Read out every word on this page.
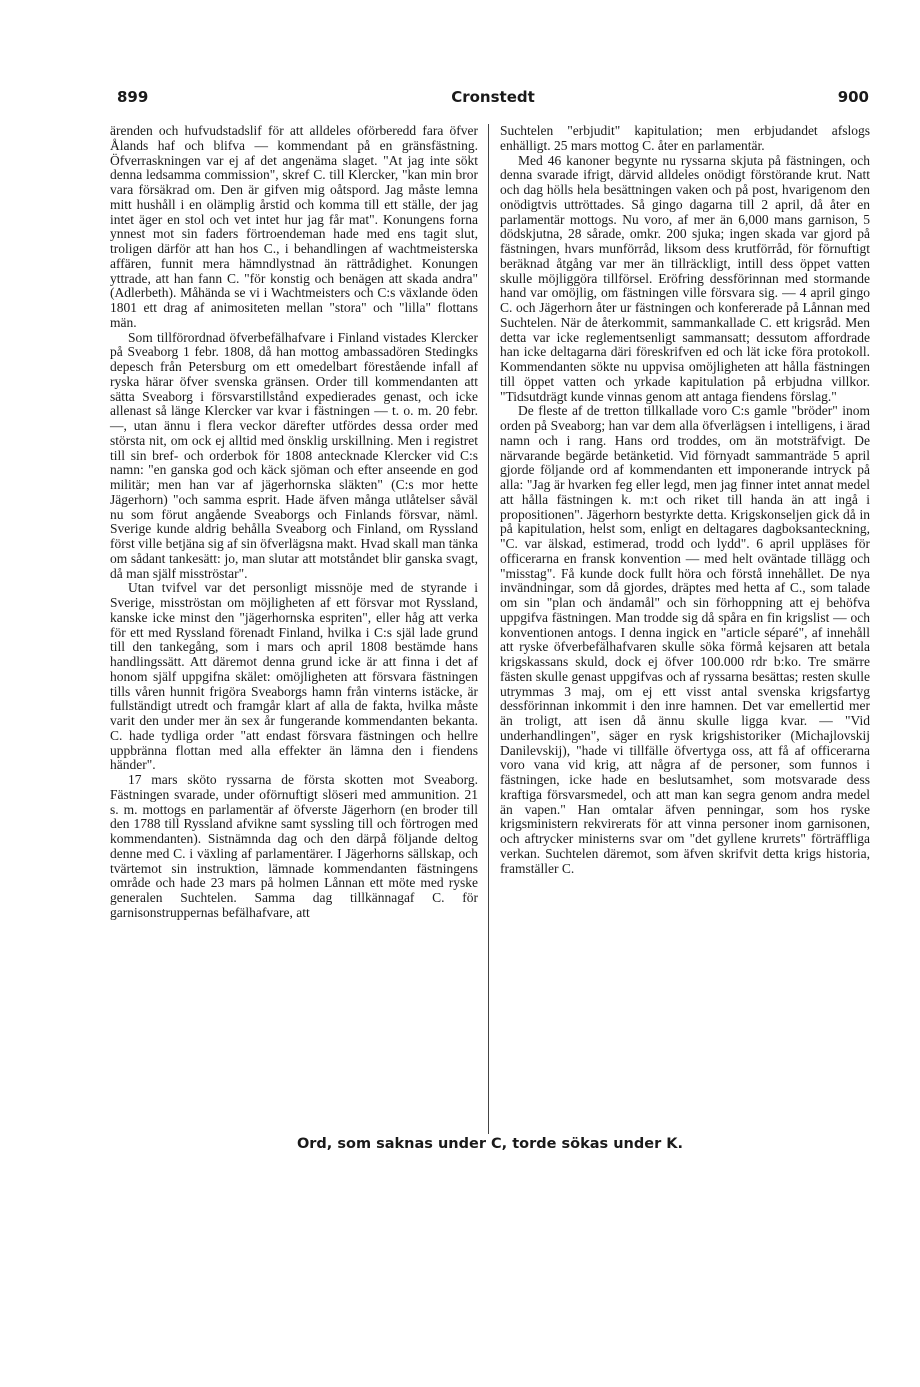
899	Cronstedt	900

ärenden och hufvudstadslif för att alldeles oförberedd fara öfver Ålands haf och blifva — kommendant på en gränsfästning. Öfverraskningen var ej af det angenäma slaget. "At jag inte sökt denna ledsamma commission", skref C. till Klercker, "kan min bror vara försäkrad om. Den är gifven mig oåtspord. Jag måste lemna mitt hushåll i en olämplig årstid och komma till ett ställe, der jag intet äger en stol och vet intet hur jag får mat". Konungens forna ynnest mot sin faders förtroendeman hade med ens tagit slut, troligen därför att han hos C., i behandlingen af wachtmeisterska affären, funnit mera hämndlystnad än rättrådighet. Konungen yttrade, att han fann C. "för konstig och benägen att skada andra" (Adlerbeth). Måhända se vi i Wachtmeisters och C:s växlande öden 1801 ett drag af animositeten mellan "stora" och "lilla" flottans män.

Som tillförordnad öfverbefälhafvare i Finland vistades Klercker på Sveaborg 1 febr. 1808, då han mottog ambassadören Stedingks depesch från Petersburg om ett omedelbart förestående infall af ryska härar öfver svenska gränsen. Order till kommendanten att sätta Sveaborg i försvarstillstånd expedierades genast, och icke allenast så länge Klercker var kvar i fästningen — t. o. m. 20 febr. —, utan ännu i flera veckor därefter utfördes dessa order med största nit, om ock ej alltid med önsklig urskillning. Men i registret till sin bref- och orderbok för 1808 antecknade Klercker vid C:s namn: "en ganska god och käck sjöman och efter anseende en god militär; men han var af jägerhornska släkten" (C:s mor hette Jägerhorn) "och samma esprit. Hade äfven många utlåtelser såväl nu som förut angående Sveaborgs och Finlands försvar, näml. Sverige kunde aldrig behålla Sveaborg och Finland, om Ryssland först ville betjäna sig af sin öfverlägsna makt. Hvad skall man tänka om sådant tankesätt: jo, man slutar att motståndet blir ganska svagt, då man själf misströstar".

Utan tvifvel var det personligt missnöje med de styrande i Sverige, misströstan om möjligheten af ett försvar mot Ryssland, kanske icke minst den "jägerhornska espriten", eller håg att verka för ett med Ryssland förenadt Finland, hvilka i C:s själ lade grund till den tankegång, som i mars och april 1808 bestämde hans handlingssätt. Att däremot denna grund icke är att finna i det af honom själf uppgifna skälet: omöjligheten att försvara fästningen tills våren hunnit frigöra Sveaborgs hamn från vinterns istäcke, är fullständigt utredt och framgår klart af alla de fakta, hvilka måste varit den under mer än sex år fungerande kommendanten bekanta. C. hade tydliga order "att endast försvara fästningen och hellre uppbränna flottan med alla effekter än lämna den i fiendens händer".

17 mars sköto ryssarna de första skotten mot Sveaborg. Fästningen svarade, under oförnuftigt slöseri med ammunition. 21 s. m. mottogs en parlamentär af öfverste Jägerhorn (en broder till den 1788 till Ryssland afvikne samt syssling till och förtrogen med kommendanten). Sistnämnda dag och den därpå följande deltog denne med C. i växling af parlamentärer. I Jägerhorns sällskap, och tvärtemot sin instruktion, lämnade kommendanten fästningens område och hade 23 mars på holmen Lånnan ett möte med ryske generalen Suchtelen. Samma dag tillkännagaf C. för garnisonstruppernas befälhafvare, att

Suchtelen "erbjudit" kapitulation; men erbjudandet afslogs enhälligt. 25 mars mottog C. åter en parlamentär.

Med 46 kanoner begynte nu ryssarna skjuta på fästningen, och denna svarade ifrigt, därvid alldeles onödigt förstörande krut. Natt och dag hölls hela besättningen vaken och på post, hvarigenom den onödigtvis uttröttades. Så gingo dagarna till 2 april, då åter en parlamentär mottogs. Nu voro, af mer än 6,000 mans garnison, 5 dödskjutna, 28 sårade, omkr. 200 sjuka; ingen skada var gjord på fästningen, hvars munförråd, liksom dess krutförråd, för förnuftigt beräknad åtgång var mer än tillräckligt, intill dess öppet vatten skulle möjliggöra tillförsel. Eröfring dessförinnan med stormande hand var omöjlig, om fästningen ville försvara sig. — 4 april gingo C. och Jägerhorn åter ur fästningen och konfererade på Lånnan med Suchtelen. När de återkommit, sammankallade C. ett krigsråd. Men detta var icke reglementsenligt sammansatt; dessutom affordrade han icke deltagarna däri föreskrifven ed och lät icke föra protokoll. Kommendanten sökte nu uppvisa omöjligheten att hålla fästningen till öppet vatten och yrkade kapitulation på erbjudna villkor. "Tidsutdrägt kunde vinnas genom att antaga fiendens förslag."

De fleste af de tretton tillkallade voro C:s gamle "bröder" inom orden på Sveaborg; han var dem alla öfverlägsen i intelligens, i ärad namn och i rang. Hans ord troddes, om än motsträfvigt. De närvarande begärde betänketid. Vid förnyadt sammanträde 5 april gjorde följande ord af kommendanten ett imponerande intryck på alla: "Jag är hvarken feg eller legd, men jag finner intet annat medel att hålla fästningen k. m:t och riket till handa än att ingå i propositionen". Jägerhorn bestyrkte detta. Krigskonseljen gick då in på kapitulation, helst som, enligt en deltagares dagboksanteckning, "C. var älskad, estimerad, trodd och lydd". 6 april uppläses för officerarna en fransk konvention — med helt oväntade tillägg och "misstag". Få kunde dock fullt höra och förstå innehållet. De nya invändningar, som då gjordes, dräptes med hetta af C., som talade om sin "plan och ändamål" och sin förhoppning att ej behöfva uppgifva fästningen. Man trodde sig då spåra en fin krigslist — och konventionen antogs. I denna ingick en "article séparé", af innehåll att ryske öfverbefälhafvaren skulle söka förmå kejsaren att betala krigskassans skuld, dock ej öfver 100.000 rdr b:ko. Tre smärre fästen skulle genast uppgifvas och af ryssarna besättas; resten skulle utrymmas 3 maj, om ej ett visst antal svenska krigsfartyg dessförinnan inkommit i den inre hamnen. Det var emellertid mer än troligt, att isen då ännu skulle ligga kvar. — "Vid underhandlingen", säger en rysk krigshistoriker (Michajlovskij Danilevskij), "hade vi tillfälle öfvertyga oss, att få af officerarna voro vana vid krig, att några af de personer, som funnos i fästningen, icke hade en beslutsamhet, som motsvarade dess kraftiga försvarsmedel, och att man kan segra genom andra medel än vapen." Han omtalar äfven penningar, som hos ryske krigsministern rekvirerats för att vinna personer inom garnisonen, och aftrycker ministerns svar om "det gyllene kruтets" förträffliga verkan. Suchtelen däremot, som äfven skrifvit detta krigs historia, framställer C.

Ord, som saknas under C, torde sökas under K.
